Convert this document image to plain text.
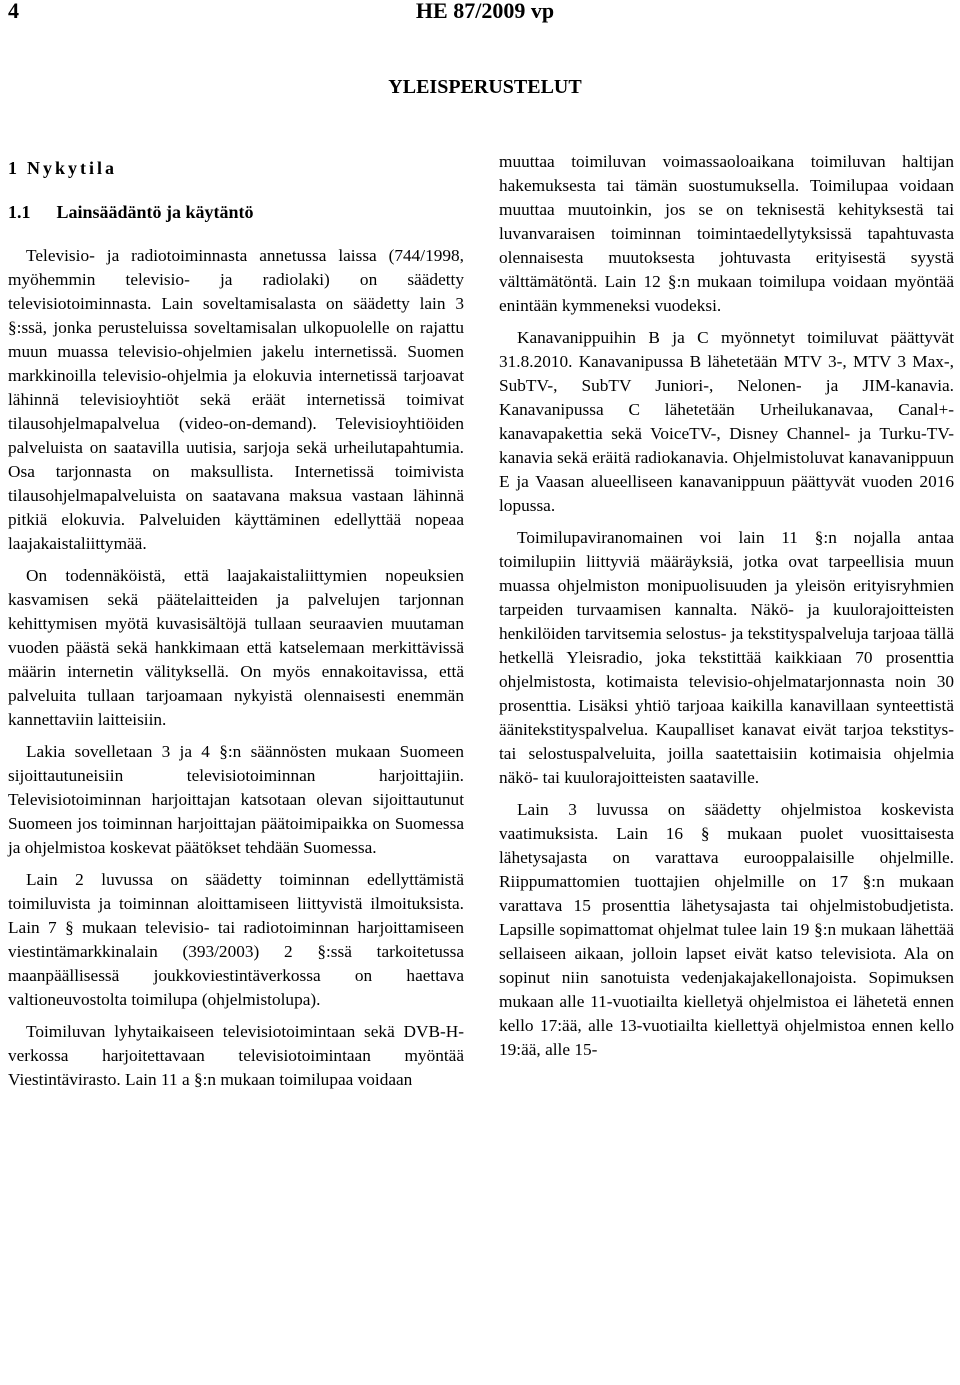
4	HE 87/2009 vp
YLEISPERUSTELUT
1 Nykytila
1.1 Lainsäädäntö ja käytäntö

Televisio- ja radiotoiminnasta annetussa laissa (744/1998, myöhemmin televisio- ja radiolaki) on säädetty televisiotoiminnasta. Lain soveltamisalasta on säädetty lain 3 §:ssä, jonka perusteluissa soveltamisalan ulkopuolelle on rajattu muun muassa televisio-ohjelmien jakelu internetissä. Suomen markkinoilla televisio-ohjelmia ja elokuvia internetissä tarjoavat lähinnä televisioyhtiöt sekä eräät internetissä toimivat tilausohjelmapalvelua (video-on-demand). Televisioyhtiöiden palveluista on saatavilla uutisia, sarjoja sekä urheilutapahtumia. Osa tarjonnasta on maksullista. Internetissä toimivista tilausohjelmapalveluista on saatavana maksua vastaan lähinnä pitkiä elokuvia. Palveluiden käyttäminen edellyttää nopeaa laajakaistaliittymää.

On todennäköistä, että laajakaistaliittymien nopeuksien kasvamisen sekä päätelaitteiden ja palvelujen tarjonnan kehittymisen myötä kuvasisältöjä tullaan seuraavien muutaman vuoden päästä sekä hankkimaan että katselemaan merkittävissä määrin internetin välityksellä. On myös ennakoitavissa, että palveluita tullaan tarjoamaan nykyistä olennaisesti enemmän kannettaviin laitteisiin.

Lakia sovelletaan 3 ja 4 §:n säännösten mukaan Suomeen sijoittautuneisiin televisiotoiminnan harjoittajiin. Televisiotoiminnan harjoittajan katsotaan olevan sijoittautunut Suomeen jos toiminnan harjoittajan päätoimipaikka on Suomessa ja ohjelmistoa koskevat päätökset tehdään Suomessa.

Lain 2 luvussa on säädetty toiminnan edellyttämistä toimiluvista ja toiminnan aloittamiseen liittyvistä ilmoituksista. Lain 7 § mukaan televisio- tai radiotoiminnan harjoittamiseen viestintämarkkinalain (393/2003) 2 §:ssä tarkoitetussa maanpäällisessä joukkoviestintäverkossa on haettava valtioneuvostolta toimilupa (ohjelmistolupa).

Toimiluvan lyhytaikaiseen televisiotoimintaan sekä DVB-H-verkossa harjoitettavaan televisiotoimintaan myöntää Viestintävirasto. Lain 11 a §:n mukaan toimilupaa voidaan

muuttaa toimiluvan voimassaoloaikana toimiluvan haltijan hakemuksesta tai tämän suostumuksella. Toimilupaa voidaan muuttaa muutoinkin, jos se on teknisestä kehityksestä tai luvanvaraisen toiminnan toimintaedellytyksissä tapahtuvasta olennaisesta muutoksesta johtuvasta erityisestä syystä välttämätöntä. Lain 12 §:n mukaan toimilupa voidaan myöntää enintään kymmeneksi vuodeksi.

Kanavanippuihin B ja C myönnetyt toimiluvat päättyvät 31.8.2010. Kanavanipussa B lähetetään MTV 3-, MTV 3 Max-, SubTV-, SubTV Juniori-, Nelonen- ja JIM-kanavia. Kanavanipussa C lähetetään Urheilukanavaa, Canal+-kanavapakettia sekä VoiceTV-, Disney Channel- ja Turku-TV-kanavia sekä eräitä radiokanavia. Ohjelmistoluvat kanavanippuun E ja Vaasan alueelliseen kanavanippuun päättyvät vuoden 2016 lopussa.

Toimilupaviranomainen voi lain 11 §:n nojalla antaa toimilupiin liittyviä määräyksiä, jotka ovat tarpeellisia muun muassa ohjelmiston monipuolisuuden ja yleisön erityisryhmien tarpeiden turvaamisen kannalta. Näkö- ja kuulorajoitteisten henkilöiden tarvitsemia selostus- ja tekstityspalveluja tarjoaa tällä hetkellä Yleisradio, joka tekstittää kaikkiaan 70 prosenttia ohjelmistosta, kotimaista televisio-ohjelmatarjonnasta noin 30 prosenttia. Lisäksi yhtiö tarjoaa kaikilla kanavillaan synteettistä äänitekstityspalvelua. Kaupalliset kanavat eivät tarjoa tekstitys- tai selostuspalveluita, joilla saatettaisiin kotimaisia ohjelmia näkö- tai kuulorajoitteisten saataville.

Lain 3 luvussa on säädetty ohjelmistoa koskevista vaatimuksista. Lain 16 § mukaan puolet vuosittaisesta lähetysajasta on varattava eurooppalaisille ohjelmille. Riippumattomien tuottajien ohjelmille on 17 §:n mukaan varattava 15 prosenttia lähetysajasta tai ohjelmistobudjetista. Lapsille sopimattomat ohjelmat tulee lain 19 §:n mukaan lähettää sellaiseen aikaan, jolloin lapset eivät katso televisiota. Ala on sopinut niin sanotuista vedenjakajakellonajoista. Sopimuksen mukaan alle 11-vuotiailta kielletyä ohjelmistoa ei lähetetä ennen kello 17:ää, alle 13-vuotiailta kiellettyä ohjelmistoa ennen kello 19:ää, alle 15-
